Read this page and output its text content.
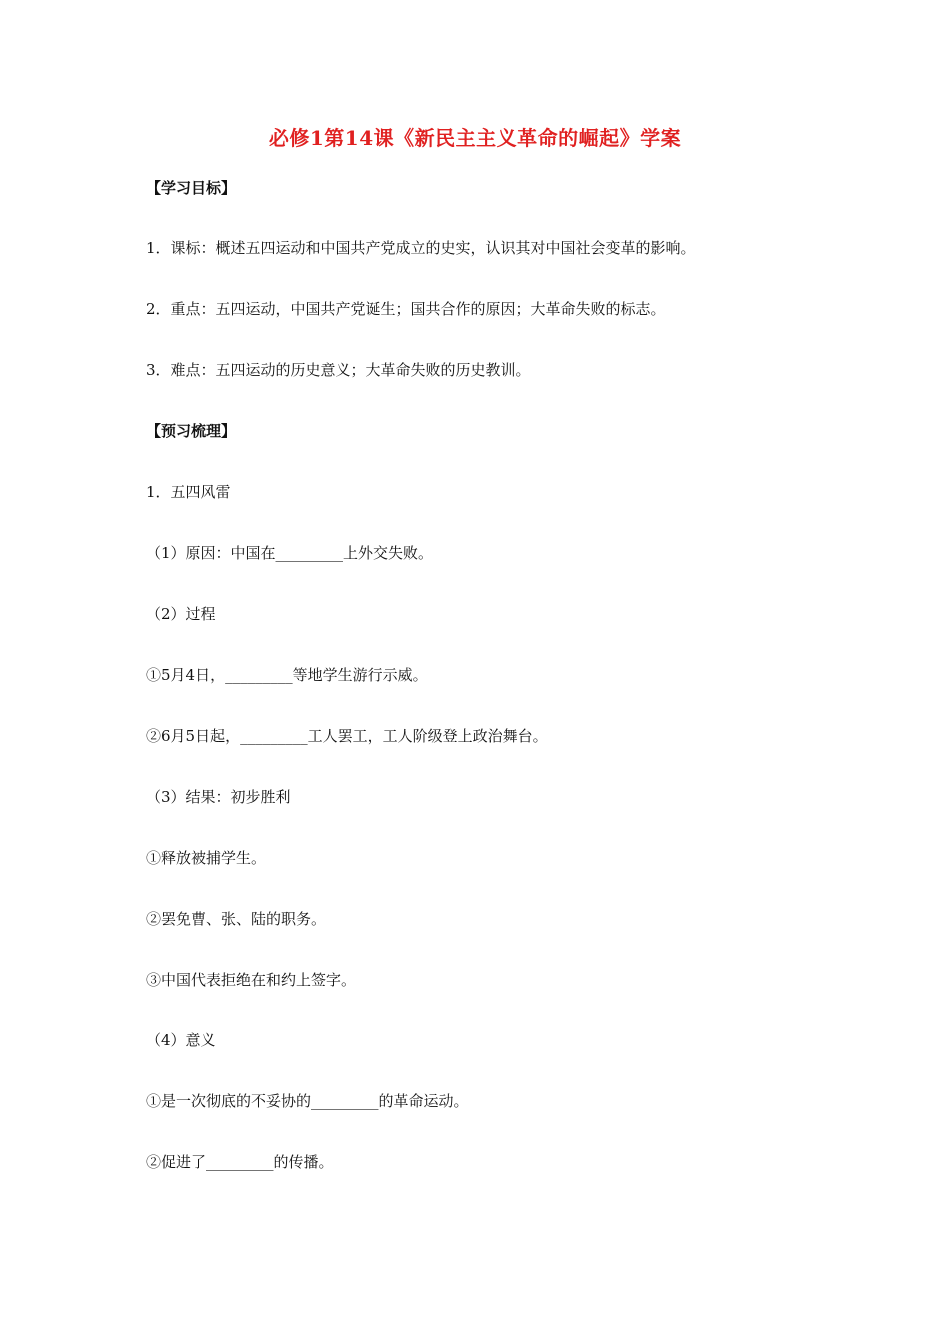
必修1第14课《新民主主义革命的崛起》学案
【学习目标】
1．课标：概述五四运动和中国共产党成立的史实，认识其对中国社会变革的影响。
2．重点：五四运动，中国共产党诞生；国共合作的原因；大革命失败的标志。
3．难点：五四运动的历史意义；大革命失败的历史教训。
【预习梳理】
1．五四风雷
（1）原因：中国在_________上外交失败。
（2）过程
①5月4日，_________等地学生游行示威。
②6月5日起，_________工人罢工，工人阶级登上政治舞台。
（3）结果：初步胜利
①释放被捕学生。
②罢免曹、张、陆的职务。
③中国代表拒绝在和约上签字。
（4）意义
①是一次彻底的不妥协的_________的革命运动。
②促进了_________的传播。
